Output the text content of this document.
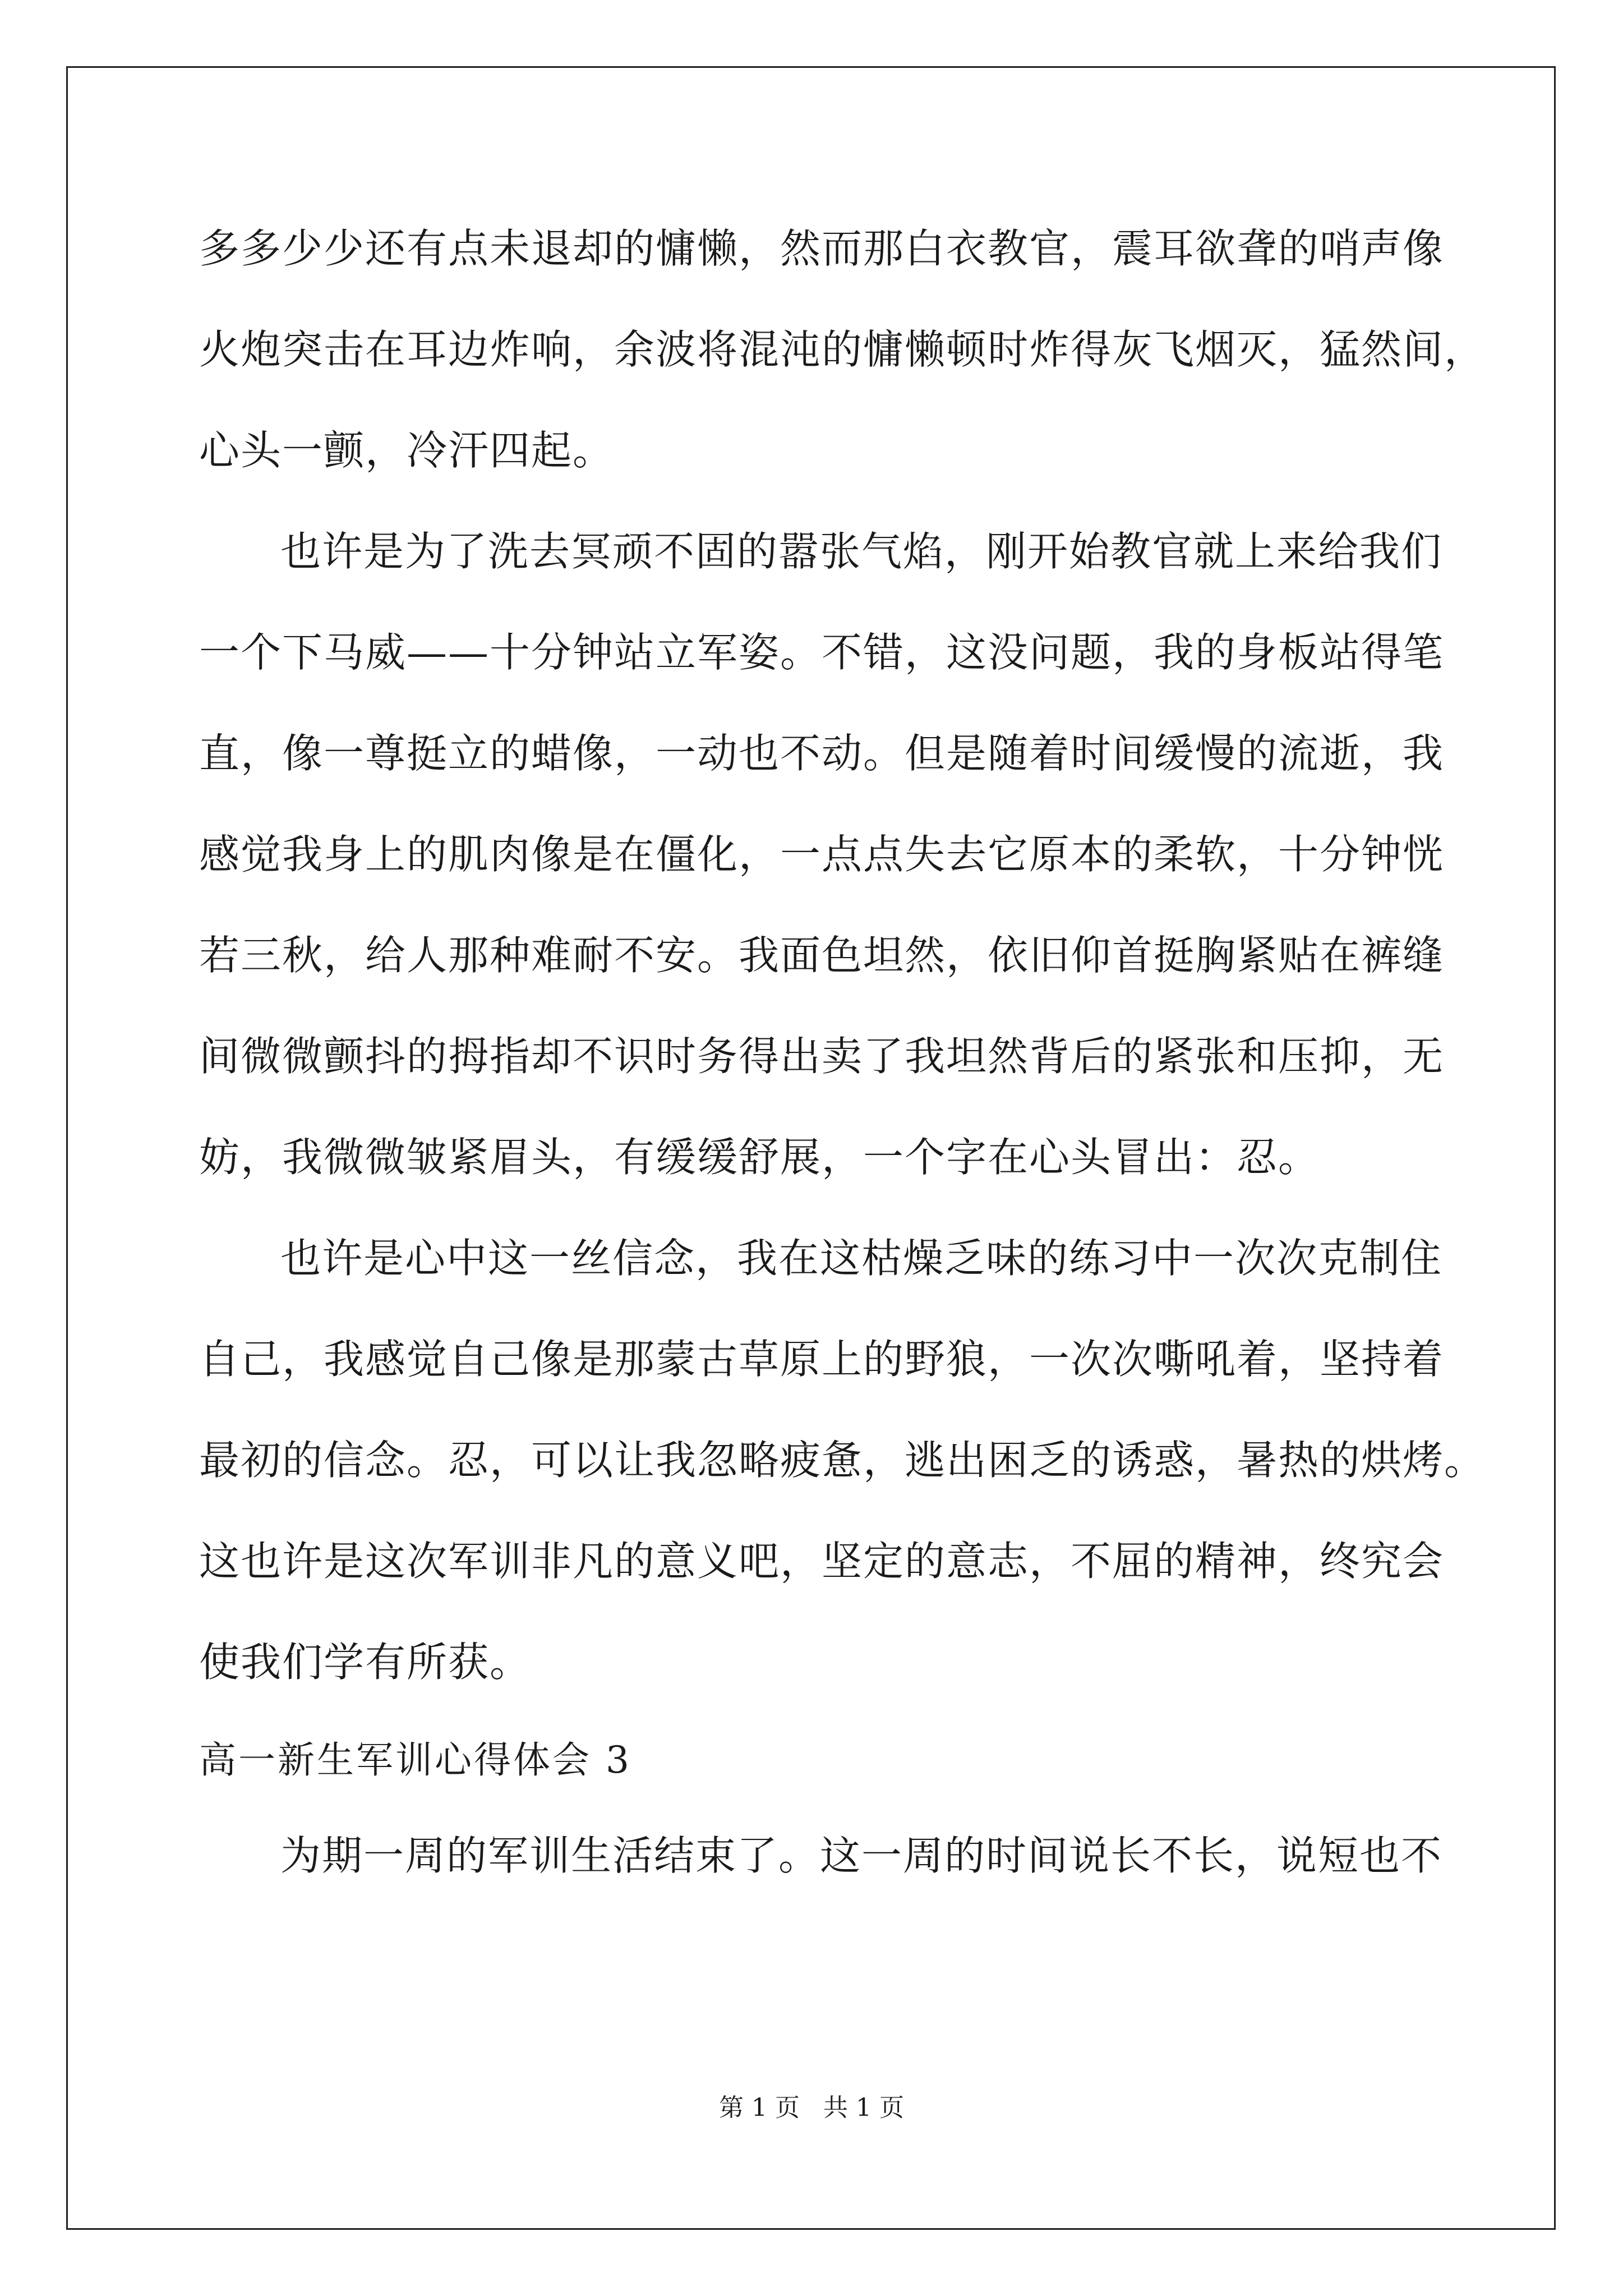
多多少少还有点未退却的慵懒，然而那白衣教官，震耳欲聋的哨声像
火炮突击在耳边炸响，余波将混沌的慵懒顿时炸得灰飞烟灭，猛然间，
心头一颤，冷汗四起。
也许是为了洗去冥顽不固的嚣张气焰，刚开始教官就上来给我们
一个下马威——十分钟站立军姿。不错，这没问题，我的身板站得笔
直，像一尊挺立的蜡像，一动也不动。但是随着时间缓慢的流逝，我
感觉我身上的肌肉像是在僵化，一点点失去它原本的柔软，十分钟恍
若三秋，给人那种难耐不安。我面色坦然，依旧仰首挺胸紧贴在裤缝
间微微颤抖的拇指却不识时务得出卖了我坦然背后的紧张和压抑，无
妨，我微微皱紧眉头，有缓缓舒展，一个字在心头冒出：忍。
也许是心中这一丝信念，我在这枯燥乏味的练习中一次次克制住
自己，我感觉自己像是那蒙古草原上的野狼，一次次嘶吼着，坚持着
最初的信念。忍，可以让我忽略疲惫，逃出困乏的诱惑，暑热的烘烤。
这也许是这次军训非凡的意义吧，坚定的意志，不屈的精神，终究会
使我们学有所获。
高一新生军训心得体会 3
为期一周的军训生活结束了。这一周的时间说长不长，说短也不
第 1 页   共 1 页
